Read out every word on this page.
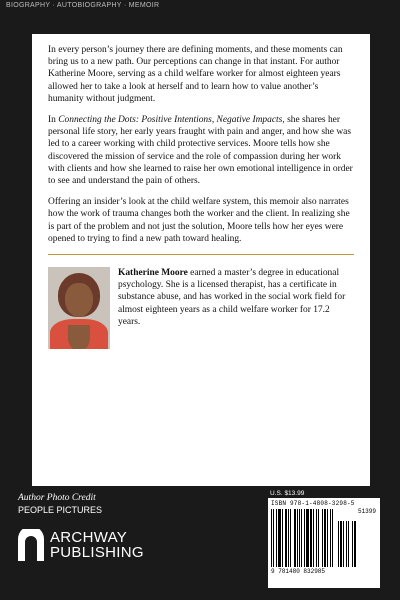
BIOGRAPHY · AUTOBIOGRAPHY · MEMOIR

In every person’s journey there are defining moments, and these moments can bring us to a new path. Our perceptions can change in that instant. For author Katherine Moore, serving as a child welfare worker for almost eighteen years allowed her to take a look at herself and to learn how to value another’s humanity without judgment.

In Connecting the Dots: Positive Intentions, Negative Impacts, she shares her personal life story, her early years fraught with pain and anger, and how she was led to a career working with child protective services. Moore tells how she discovered the mission of service and the role of compassion during her work with clients and how she learned to raise her own emotional intelligence in order to see and understand the pain of others.

Offering an insider’s look at the child welfare system, this memoir also narrates how the work of trauma changes both the worker and the client. In realizing she is part of the problem and not just the solution, Moore tells how her eyes were opened to trying to find a new path toward healing.

Katherine Moore earned a master’s degree in educational psychology. She is a licensed therapist, has a certificate in substance abuse, and has worked in the social work field for almost eighteen years as a child welfare worker for 17.2 years.

Author Photo Credit
PEOPLE PICTURES
ARCHWAY
PUBLISHING
U.S. $13.99
ISBN 978-1-4808-3298-5
51399
9 781480 832985
